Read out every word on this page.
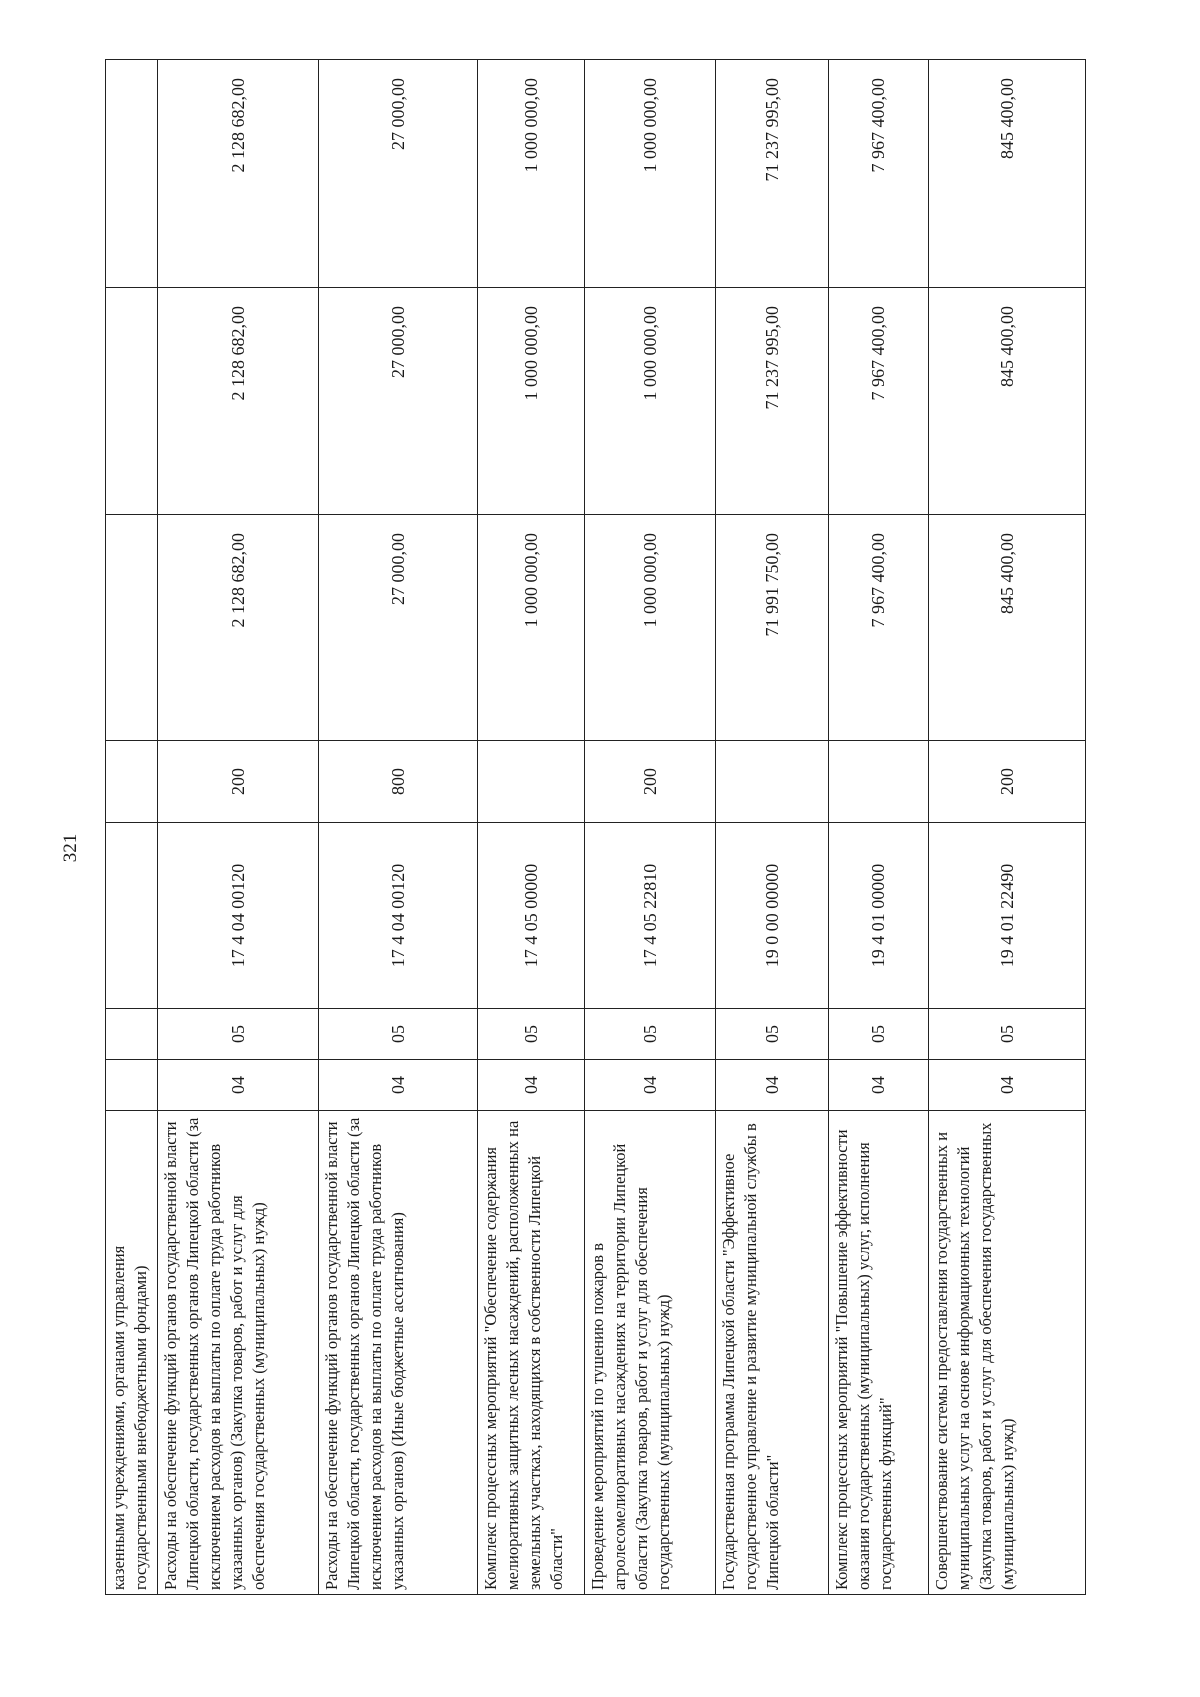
321
казенными учреждениями, органами управления государственными внебюджетными фондами)							
Расходы на обеспечение функций органов государственной власти Липецкой области, государственных органов Липецкой области (за исключением расходов на выплаты по оплате труда работников указанных органов) (Закупка товаров, работ и услуг для обеспечения государственных (муниципальных) нужд)	04	05	17 4 04 00120	200	2 128 682,00	2 128 682,00	2 128 682,00
Расходы на обеспечение функций органов государственной власти Липецкой области, государственных органов Липецкой области (за исключением расходов на выплаты по оплате труда работников указанных органов) (Иные бюджетные ассигнования)	04	05	17 4 04 00120	800	27 000,00	27 000,00	27 000,00
Комплекс процессных мероприятий "Обеспечение содержания мелиоративных защитных лесных насаждений, расположенных на земельных участках, находящихся в собственности Липецкой области"	04	05	17 4 05 00000		1 000 000,00	1 000 000,00	1 000 000,00
Проведение мероприятий по тушению пожаров в агролесомелиоративных насаждениях на территории Липецкой области (Закупка товаров, работ и услуг для обеспечения государственных (муниципальных) нужд)	04	05	17 4 05 22810	200	1 000 000,00	1 000 000,00	1 000 000,00
Государственная программа Липецкой области "Эффективное государственное управление и развитие муниципальной службы в Липецкой области"	04	05	19 0 00 00000		71 991 750,00	71 237 995,00	71 237 995,00
Комплекс процессных мероприятий "Повышение эффективности оказания государственных (муниципальных) услуг, исполнения государственных функций"	04	05	19 4 01 00000		7 967 400,00	7 967 400,00	7 967 400,00
Совершенствование системы предоставления государственных и муниципальных услуг на основе информационных технологий (Закупка товаров, работ и услуг для обеспечения государственных (муниципальных) нужд)	04	05	19 4 01 22490	200	845 400,00	845 400,00	845 400,00
